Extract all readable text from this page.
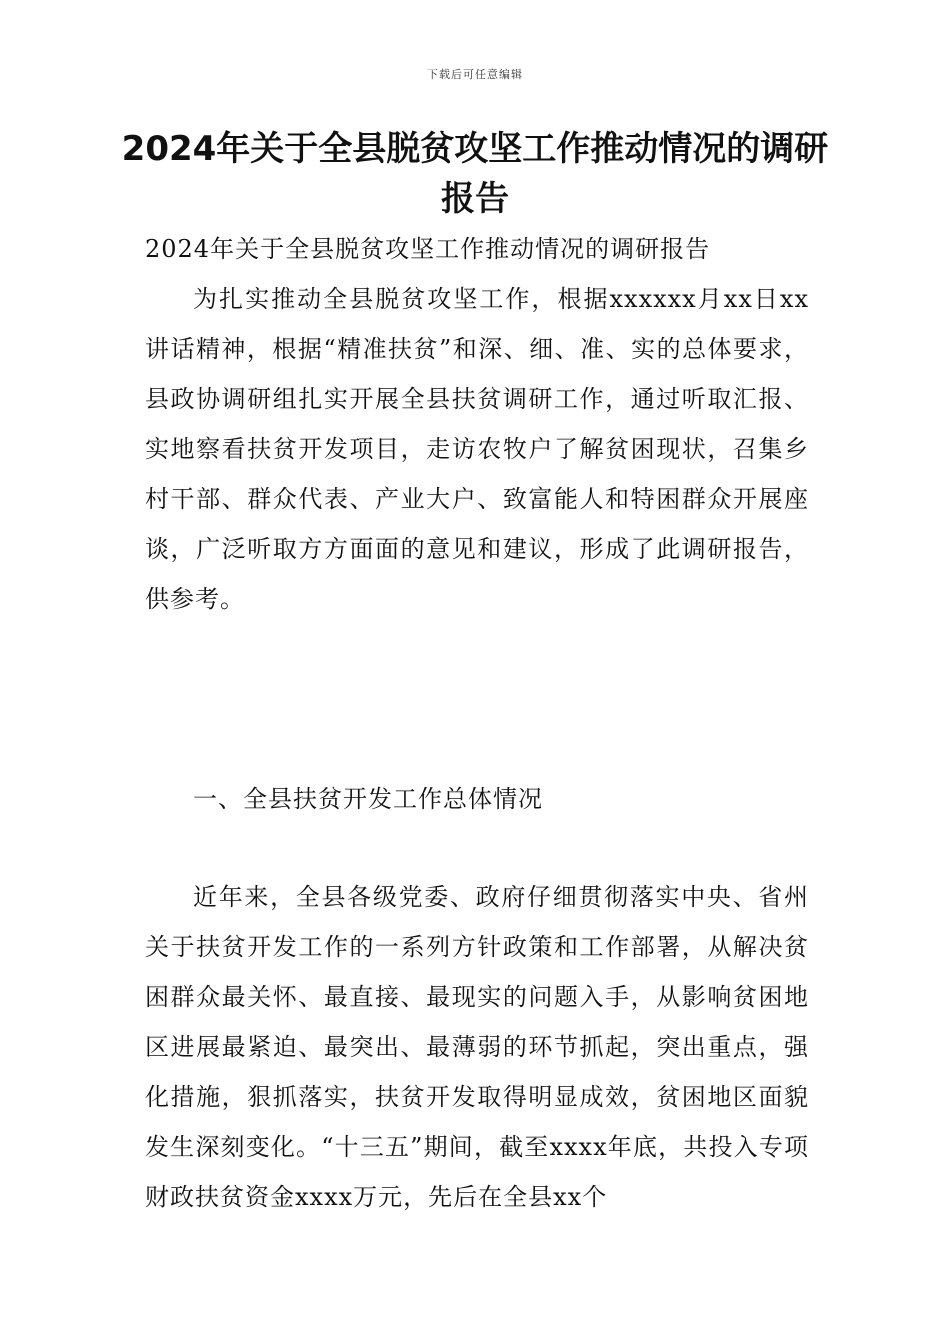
下载后可任意编辑
2024年关于全县脱贫攻坚工作推动情况的调研报告
2024年关于全县脱贫攻坚工作推动情况的调研报告

为扎实推动全县脱贫攻坚工作，根据xxxxxx月xx日xx讲话精神，根据“精准扶贫”和深、细、准、实的总体要求，县政协调研组扎实开展全县扶贫调研工作，通过听取汇报、实地察看扶贫开发项目，走访农牧户了解贫困现状，召集乡村干部、群众代表、产业大户、致富能人和特困群众开展座谈，广泛听取方方面面的意见和建议，形成了此调研报告，供参考。

一、全县扶贫开发工作总体情况

近年来，全县各级党委、政府仔细贯彻落实中央、省州关于扶贫开发工作的一系列方针政策和工作部署，从解决贫困群众最关怀、最直接、最现实的问题入手，从影响贫困地区进展最紧迫、最突出、最薄弱的环节抓起，突出重点，强化措施，狠抓落实，扶贫开发取得明显成效，贫困地区面貌发生深刻变化。“十三五”期间，截至xxxx年底，共投入专项财政扶贫资金xxxx万元，先后在全县xx个
